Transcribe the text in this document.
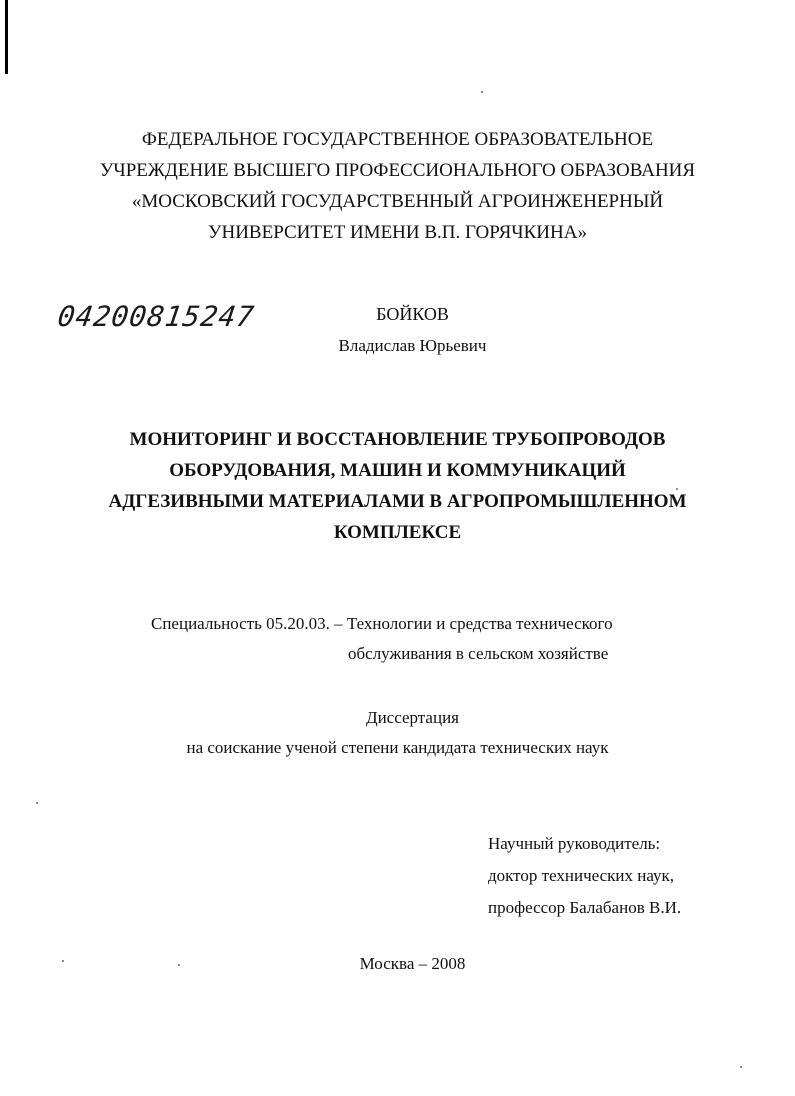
ФЕДЕРАЛЬНОЕ ГОСУДАРСТВЕННОЕ ОБРАЗОВАТЕЛЬНОЕ
УЧРЕЖДЕНИЕ ВЫСШЕГО ПРОФЕССИОНАЛЬНОГО ОБРАЗОВАНИЯ
«МОСКОВСКИЙ ГОСУДАРСТВЕННЫЙ АГРОИНЖЕНЕРНЫЙ
УНИВЕРСИТЕТ ИМЕНИ В.П. ГОРЯЧКИНА»
04200815247	БОЙКОВ
Владислав Юрьевич
МОНИТОРИНГ И ВОССТАНОВЛЕНИЕ ТРУБОПРОВОДОВ
ОБОРУДОВАНИЯ, МАШИН И КОММУНИКАЦИЙ
АДГЕЗИВНЫМИ МАТЕРИАЛАМИ В АГРОПРОМЫШЛЕННОМ
КОМПЛЕКСЕ
Специальность 05.20.03. – Технологии и средства технического
обслуживания в сельском хозяйстве
Диссертация
на соискание ученой степени кандидата технических наук
Научный руководитель:
доктор технических наук,
профессор Балабанов В.И.
Москва – 2008
